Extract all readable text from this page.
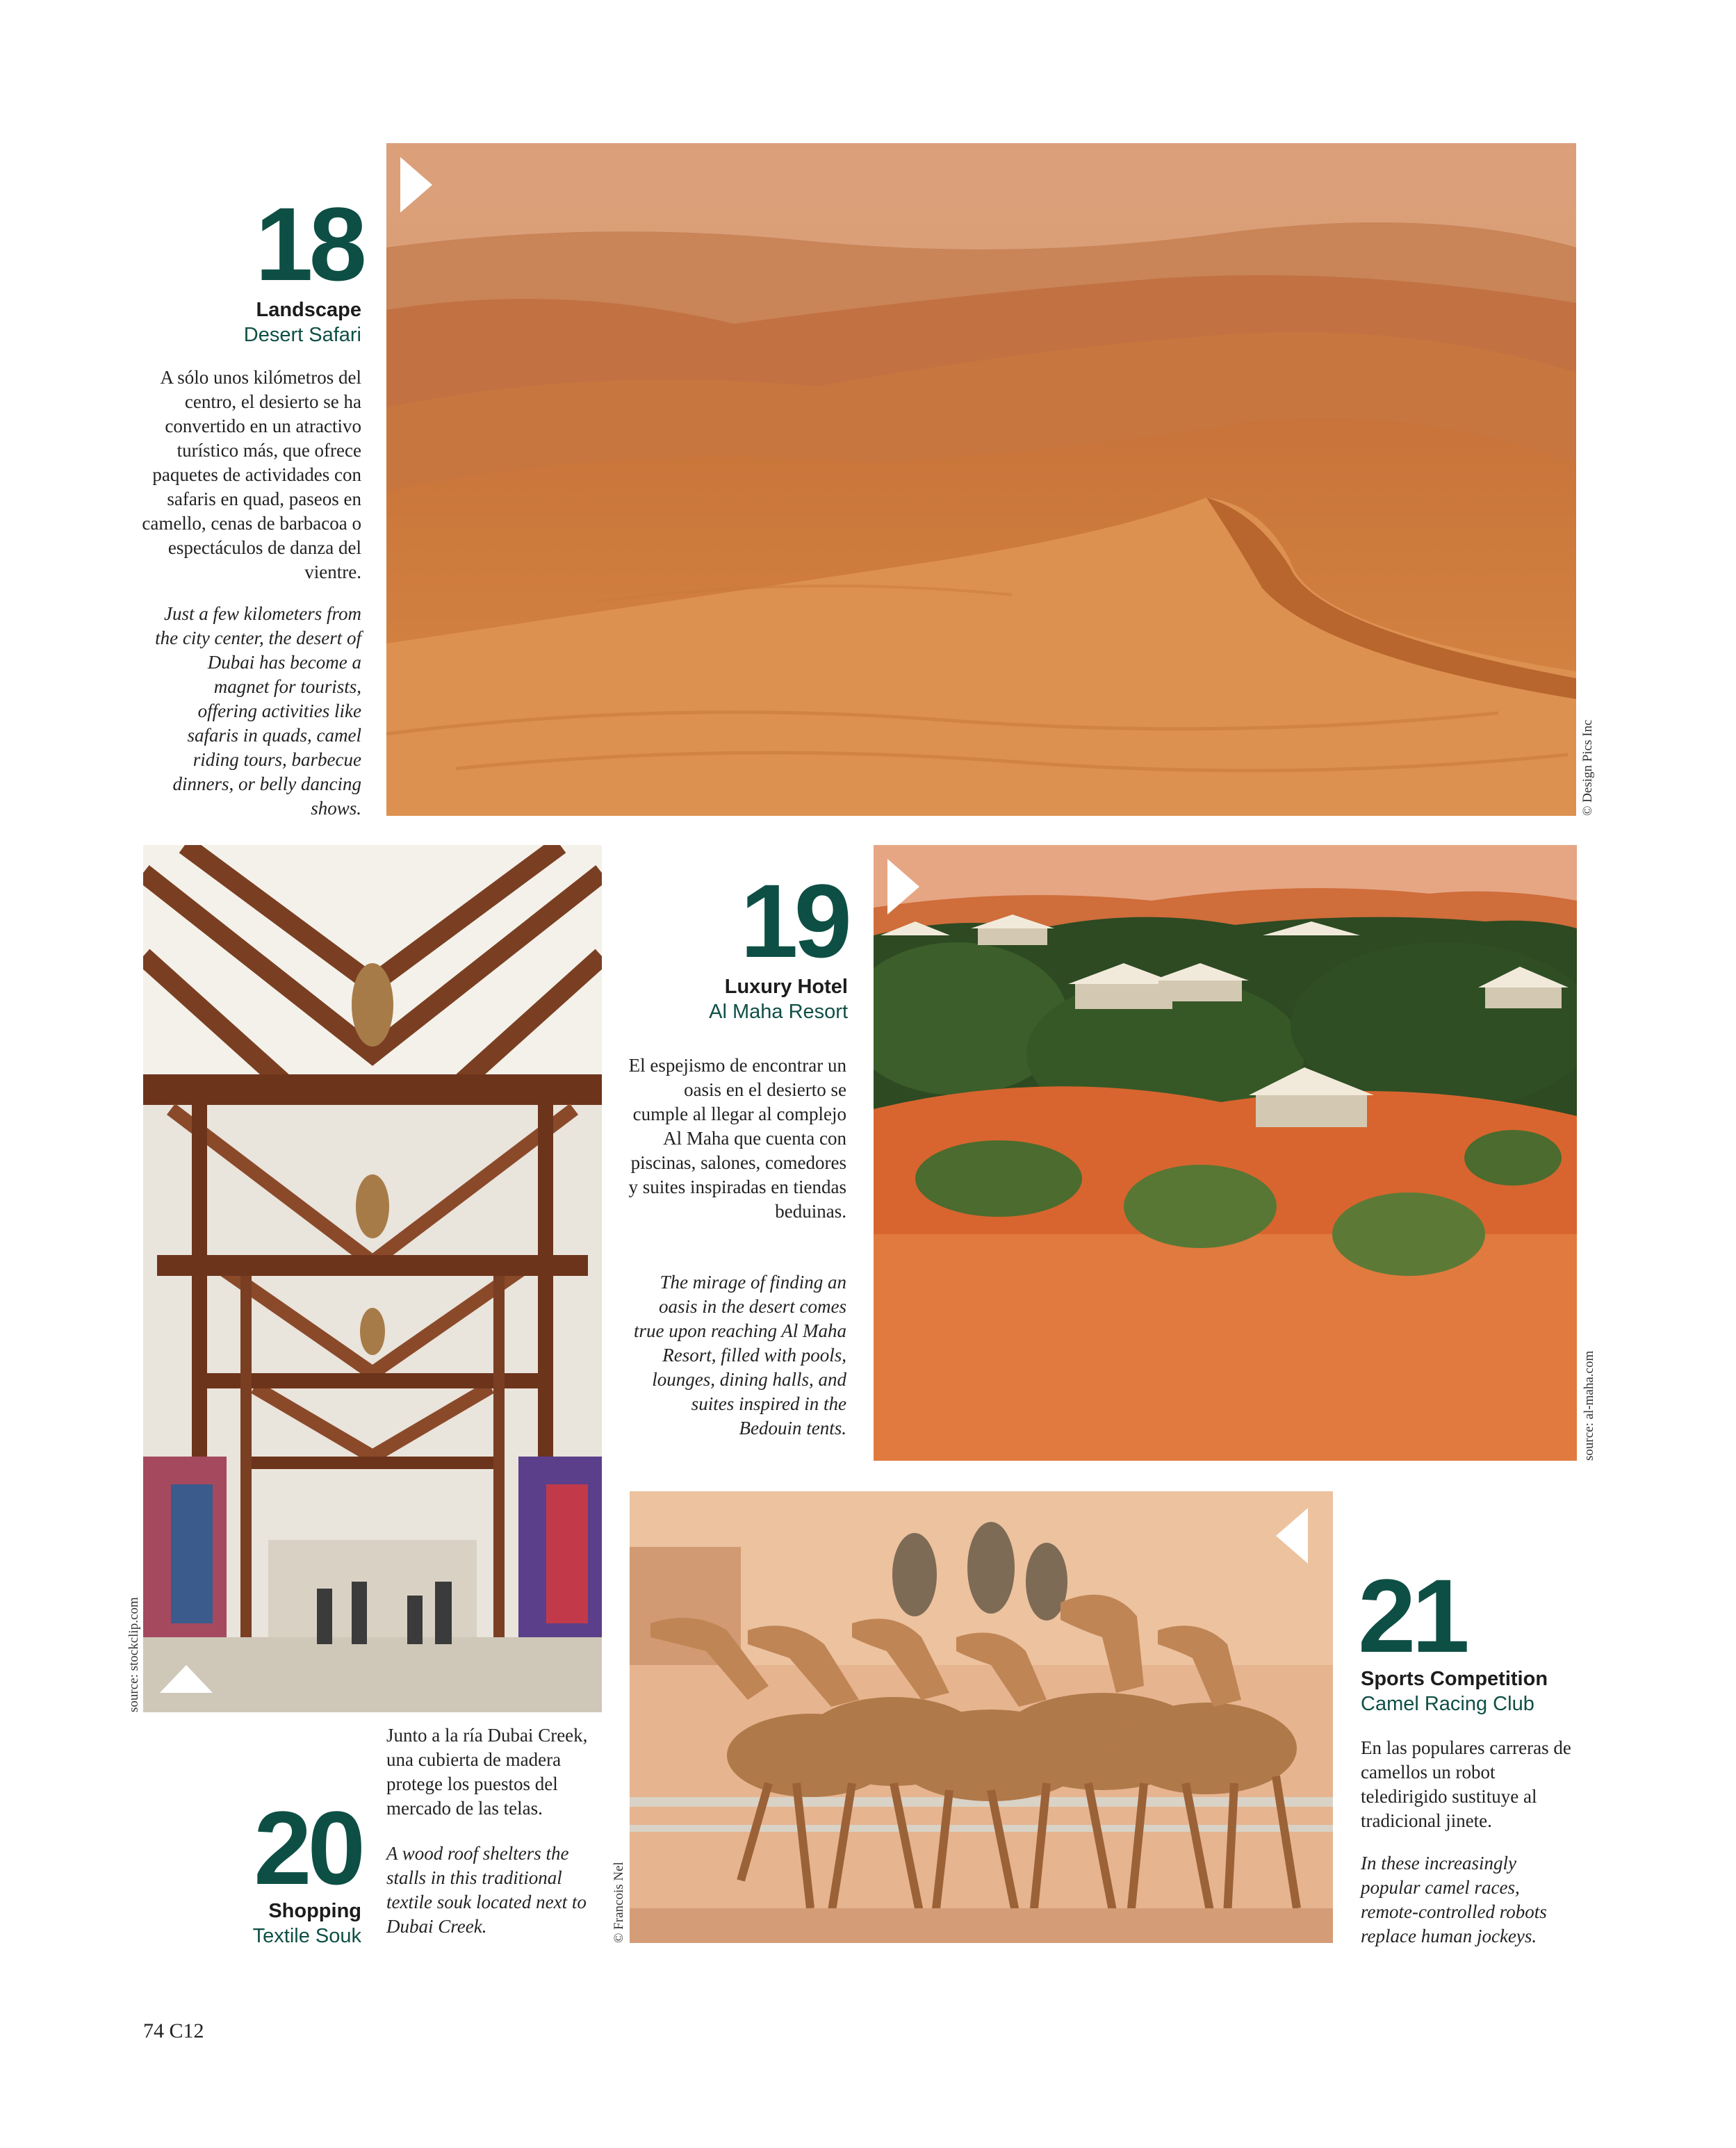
© Design Pics Inc
18
Landscape
Desert Safari
A sólo unos kilómetros del centro, el desierto se ha convertido en un atractivo turístico más, que ofrece paquetes de actividades con safaris en quad, paseos en camello, cenas de barbacoa o espectáculos de danza del vientre.
Just a few kilometers from the city center, the desert of Dubai has become a magnet for tourists, offering activities like safaris in quads, camel riding tours, barbecue dinners, or belly dancing shows.
source: al-maha.com
19
Luxury Hotel
Al Maha Resort
El espejismo de encontrar un oasis en el desierto se cumple al llegar al complejo Al Maha que cuenta con piscinas, salones, comedores y suites inspiradas en tiendas beduinas.
The mirage of finding an oasis in the desert comes true upon reaching Al Maha Resort, filled with pools, lounges, dining halls, and suites inspired in the Bedouin tents.
source: stockclip.com
Junto a la ría Dubai Creek, una cubierta de madera protege los puestos del mercado de las telas.
A wood roof shelters the stalls in this traditional textile souk located next to Dubai Creek.
20
Shopping
Textile Souk	© Francois Nel
21
Sports Competition
Camel Racing Club
En las populares carreras de camellos un robot teledirigido sustituye al tradicional jinete.
In these increasingly popular camel races, remote-controlled robots replace human jockeys.
74 C12
